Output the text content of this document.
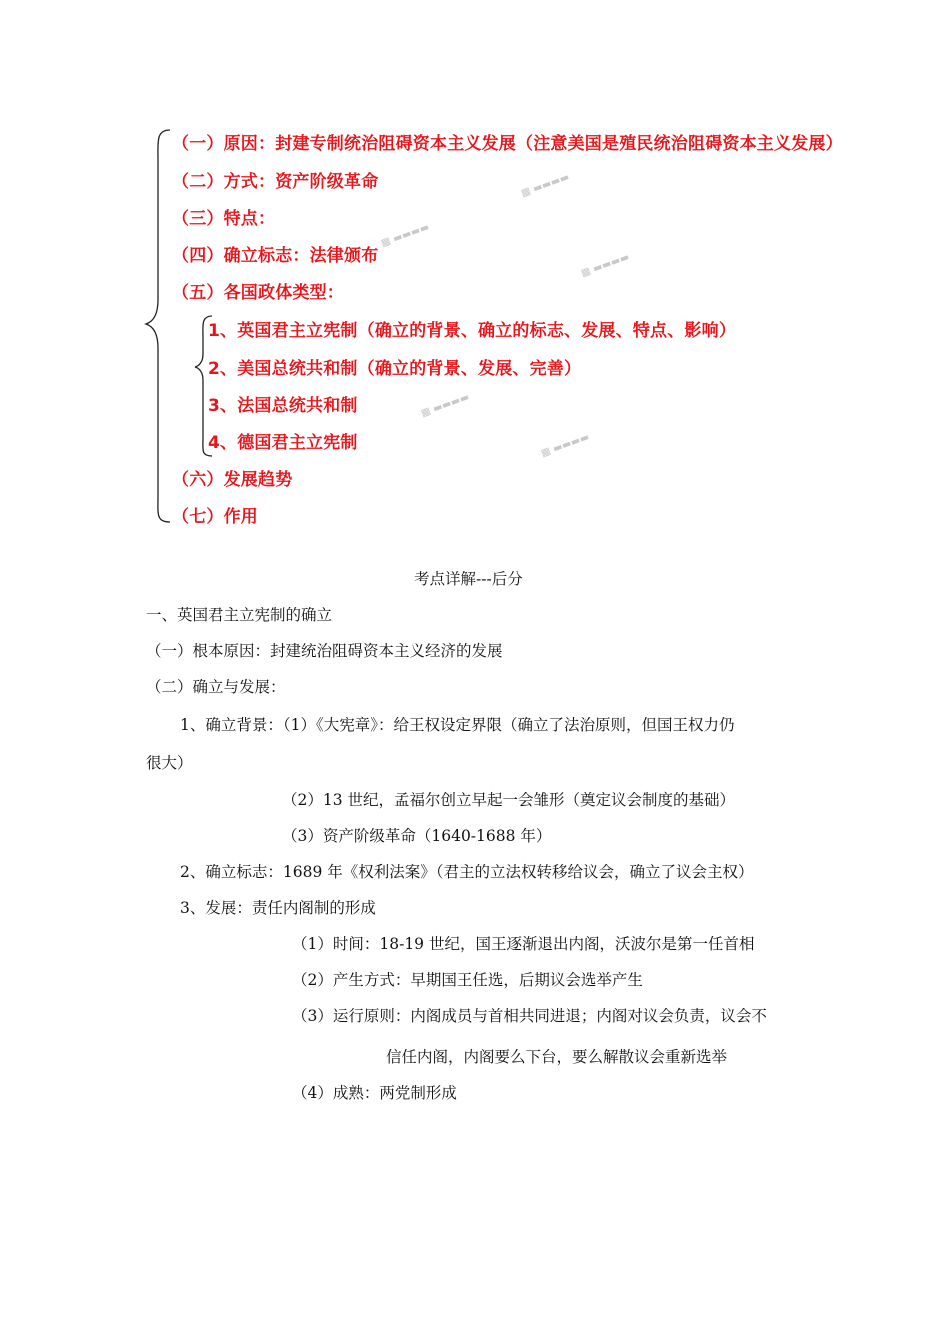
▦ ▬▬▬▬
▦ ▬▬▬▬
▦ ▬▬▬▬
▦ ▬▬▬▬
▦ ▬▬▬▬
（一）原因：封建专制统治阻碍资本主义发展（注意美国是殖民统治阻碍资本主义发展）
（二）方式：资产阶级革命
（三）特点：
（四）确立标志：法律颁布
（五）各国政体类型：
1、英国君主立宪制（确立的背景、确立的标志、发展、特点、影响）
2、美国总统共和制（确立的背景、发展、完善）
3、法国总统共和制
4、德国君主立宪制
（六）发展趋势
（七）作用
考点详解---后分
一、英国君主立宪制的确立
（一）根本原因：封建统治阻碍资本主义经济的发展
（二）确立与发展：
1、确立背景：（1）《大宪章》：给王权设定界限（确立了法治原则，但国王权力仍
很大）
（2）13 世纪，孟福尔创立早起一会雏形（奠定议会制度的基础）
（3）资产阶级革命（1640-1688 年）
2、确立标志：1689 年《权利法案》（君主的立法权转移给议会，确立了议会主权）
3、发展：责任内阁制的形成
（1）时间：18-19 世纪，国王逐渐退出内阁，沃波尔是第一任首相
（2）产生方式：早期国王任选，后期议会选举产生
（3）运行原则：内阁成员与首相共同进退；内阁对议会负责，议会不
信任内阁，内阁要么下台，要么解散议会重新选举
（4）成熟：两党制形成
